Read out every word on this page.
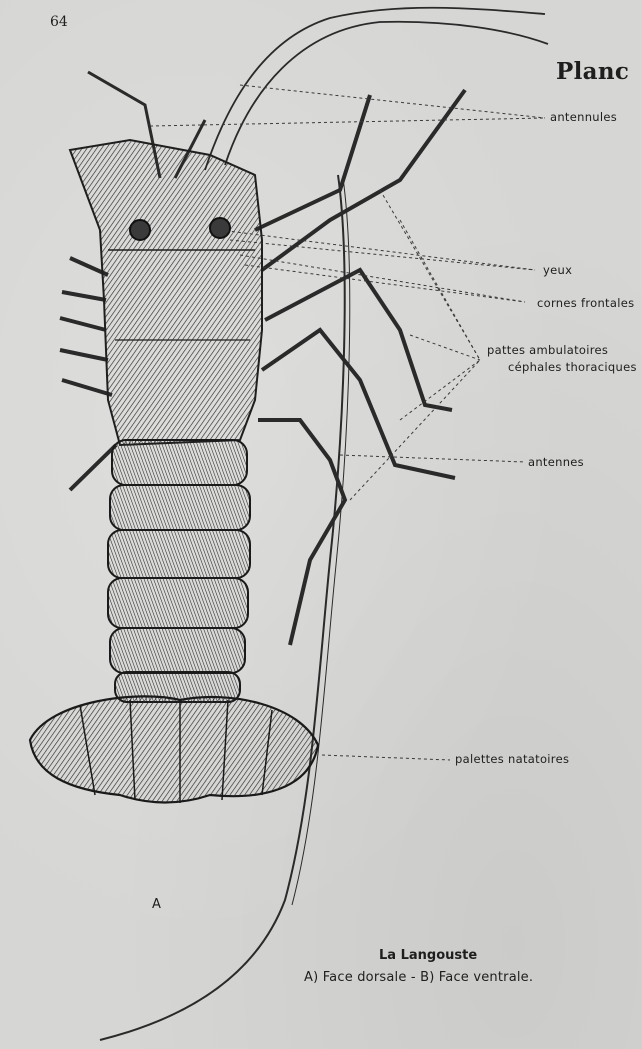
64
Planc
antennules
yeux
cornes frontales
pattes ambulatoires
céphales thoraciques
antennes
palettes natatoires
A
La Langouste
A) Face dorsale - B) Face ventrale.
